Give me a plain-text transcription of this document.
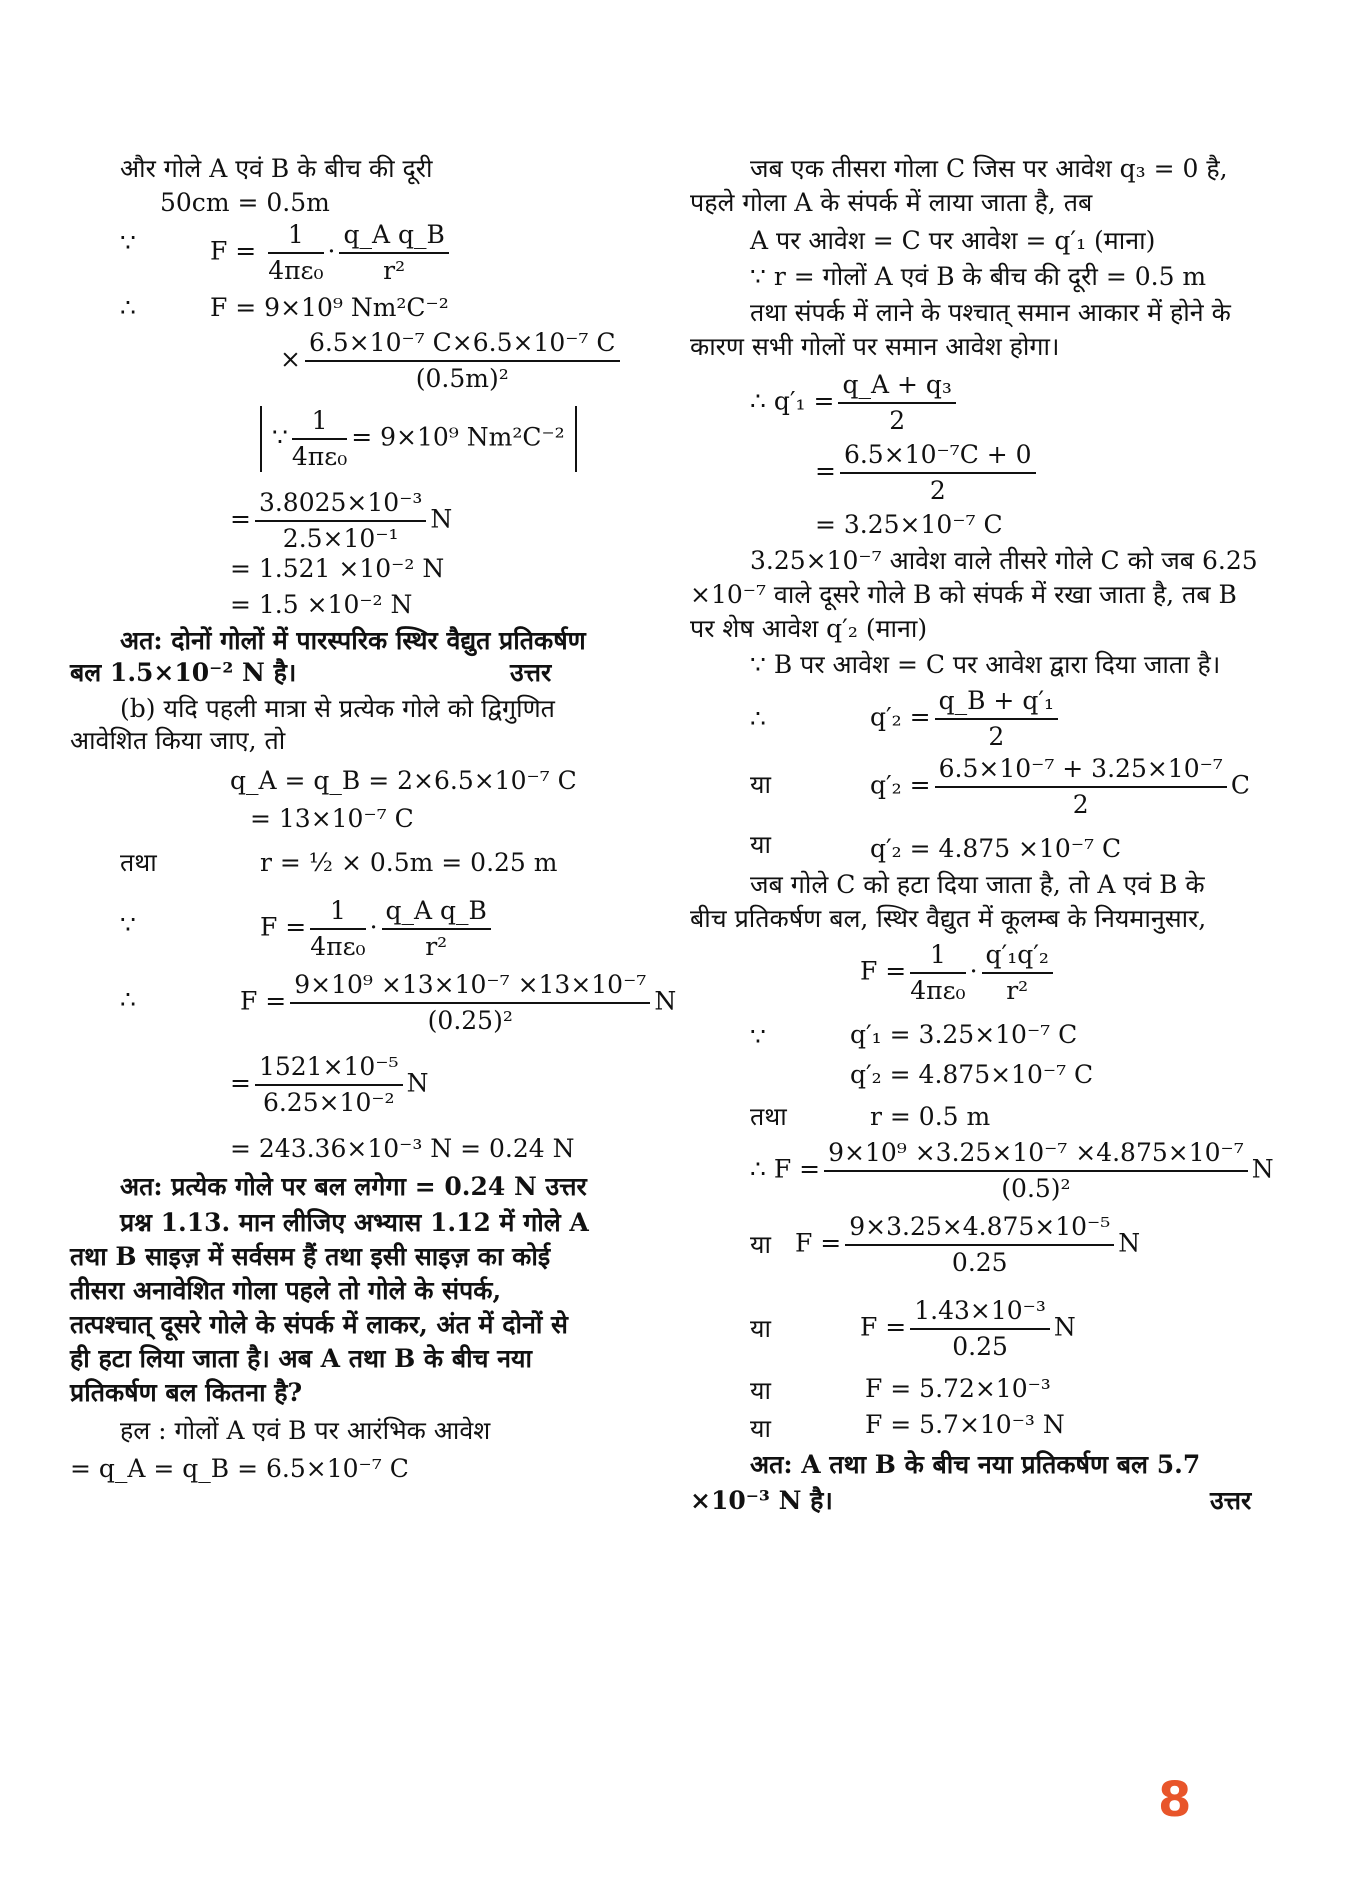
और गोले A एवं B के बीच की दूरी
50cm = 0.5m
∵	$F = \frac{1}{\text{4πε₀}} \cdot \frac{\text{q\_A q\_B}}{\text{r²}}$
∴	F = 9×10⁹ Nm²C⁻²
× $\frac{\text{6.5×10⁻⁷ C×6.5×10⁻⁷ C}}{\text{(0.5m)²}}$
∵ $\frac{1}{\text{4πε₀}} = 9\times 10^9$ Nm²C⁻²
= $\frac{\text{3.8025×10⁻³}}{\text{2.5×10⁻¹}}$ N
= 1.521 ×10⁻² N
= 1.5 ×10⁻² N
अत: दोनों गोलों में पारस्परिक स्थिर वैद्युत प्रतिकर्षण
बल 1.5×10⁻² N है।	उत्तर
(b) यदि पहली मात्रा से प्रत्येक गोले को द्विगुणित
आवेशित किया जाए, तो
q_A = q_B = 2×6.5×10⁻⁷ C
= 13×10⁻⁷ C
तथा	r = ½ × 0.5m = 0.25 m
∵	$F = \frac{1}{\text{4πε₀}} \cdot \frac{\text{q\_A q\_B}}{\text{r²}}$
∴	$F = \frac{\text{9×10⁹ ×13×10⁻⁷ ×13×10⁻⁷}}{\text{(0.25)²}}$ N
= $\frac{\text{1521×10⁻⁵}}{\text{6.25×10⁻²}}$ N
= 243.36×10⁻³ N = 0.24 N
अत: प्रत्येक गोले पर बल लगेगा = 0.24 N उत्तर
प्रश्न 1.13. मान लीजिए अभ्यास 1.12 में गोले A
तथा B साइज़ में सर्वसम हैं तथा इसी साइज़ का कोई
तीसरा अनावेशित गोला पहले तो गोले के संपर्क,
तत्पश्चात् दूसरे गोले के संपर्क में लाकर, अंत में दोनों से
ही हटा लिया जाता है। अब A तथा B के बीच नया
प्रतिकर्षण बल कितना है?
हल : गोलों A एवं B पर आरंभिक आवेश
= q_A = q_B = 6.5×10⁻⁷ C
जब एक तीसरा गोला C जिस पर आवेश q₃ = 0 है,
पहले गोला A के संपर्क में लाया जाता है, तब
A पर आवेश = C पर आवेश = q′₁ (माना)
∵ r = गोलों A एवं B के बीच की दूरी = 0.5 m
तथा संपर्क में लाने के पश्चात् समान आकार में होने के
कारण सभी गोलों पर समान आवेश होगा।
∴ $q'_1 = \frac{\text{q\_A + q₃}}{2}$
= $\frac{\text{6.5×10⁻⁷C + 0}}{2}$
= 3.25×10⁻⁷ C
3.25×10⁻⁷ आवेश वाले तीसरे गोले C को जब 6.25
×10⁻⁷ वाले दूसरे गोले B को संपर्क में रखा जाता है, तब B
पर शेष आवेश q′₂ (माना)
∵ B पर आवेश = C पर आवेश द्वारा दिया जाता है।
∴	$q'_2 = \frac{\text{q\_B + q′₁}}{2}$
या	$q'_2 = \frac{\text{6.5×10⁻⁷ + 3.25×10⁻⁷}}{2}$ C
या	q′₂ = 4.875 ×10⁻⁷ C
जब गोले C को हटा दिया जाता है, तो A एवं B के
बीच प्रतिकर्षण बल, स्थिर वैद्युत में कूलम्ब के नियमानुसार,
$F = \frac{1}{\text{4πε₀}} \cdot \frac{\text{q′₁q′₂}}{\text{r²}}$
∵	q′₁ = 3.25×10⁻⁷ C
q′₂ = 4.875×10⁻⁷ C
तथा	r = 0.5 m
∴ $F = \frac{\text{9×10⁹ ×3.25×10⁻⁷ ×4.875×10⁻⁷}}{\text{(0.5)²}}$ N
या $F = \frac{\text{9×3.25×4.875×10⁻⁵}}{0.25}$ N
या	$F = \frac{\text{1.43×10⁻³}}{0.25}$ N
या	F = 5.72×10⁻³
या	F = 5.7×10⁻³ N
अत: A तथा B के बीच नया प्रतिकर्षण बल 5.7
×10⁻³ N है।	उत्तर
8
